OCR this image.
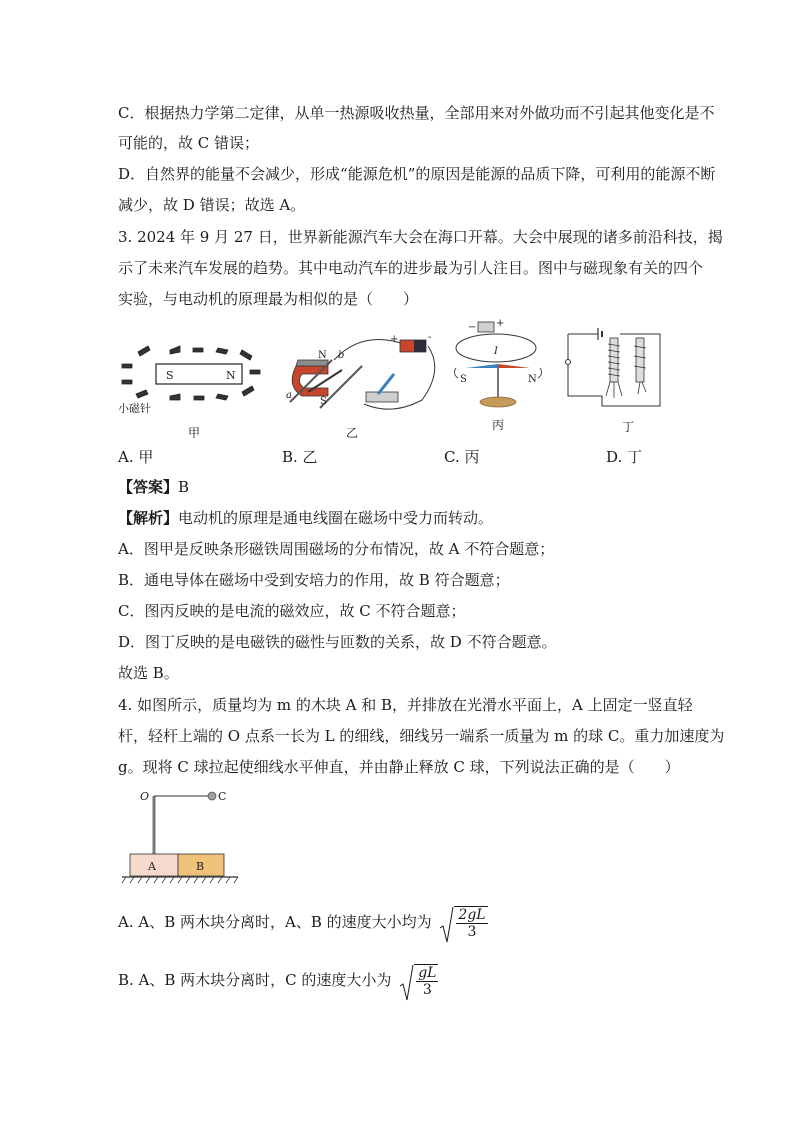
C．根据热力学第二定律，从单一热源吸收热量，全部用来对外做功而不引起其他变化是不
可能的，故 C 错误；
D．自然界的能量不会减少，形成“能源危机”的原因是能源的品质下降，可利用的能源不断
减少，故 D 错误；故选 A。
3. 2024 年 9 月 27 日，世界新能源汽车大会在海口开幕。大会中展现的诸多前沿科技，揭
示了未来汽车发展的趋势。其中电动汽车的进步最为引人注目。图中与磁现象有关的四个
实验，与电动机的原理最为相似的是（　　）
S	N
小磁针
甲
N
S
a
b
+	-
乙
S	N
I
− +
丙	丁
A. 甲	B. 乙	C. 丙	D. 丁
【答案】B
【解析】电动机的原理是通电线圈在磁场中受力而转动。
A．图甲是反映条形磁铁周围磁场的分布情况，故 A 不符合题意；
B．通电导体在磁场中受到安培力的作用，故 B 符合题意；
C．图丙反映的是电流的磁效应，故 C 不符合题意；
D．图丁反映的是电磁铁的磁性与匝数的关系，故 D 不符合题意。
故选 B。
4. 如图所示，质量均为 m 的木块 A 和 B，并排放在光滑水平面上，A 上固定一竖直轻
杆，轻杆上端的 O 点系一长为 L 的细线，细线另一端系一质量为 m 的球 C。重力加速度为
g。现将 C 球拉起使细线水平伸直，并由静止释放 C 球，下列说法正确的是（　　）
O	C
A	B
A. A、B 两木块分离时，A、B 的速度大小均为 $\frac{2gL}{3}$
B. A、B 两木块分离时，C 的速度大小为 $\frac{gL}{3}$
